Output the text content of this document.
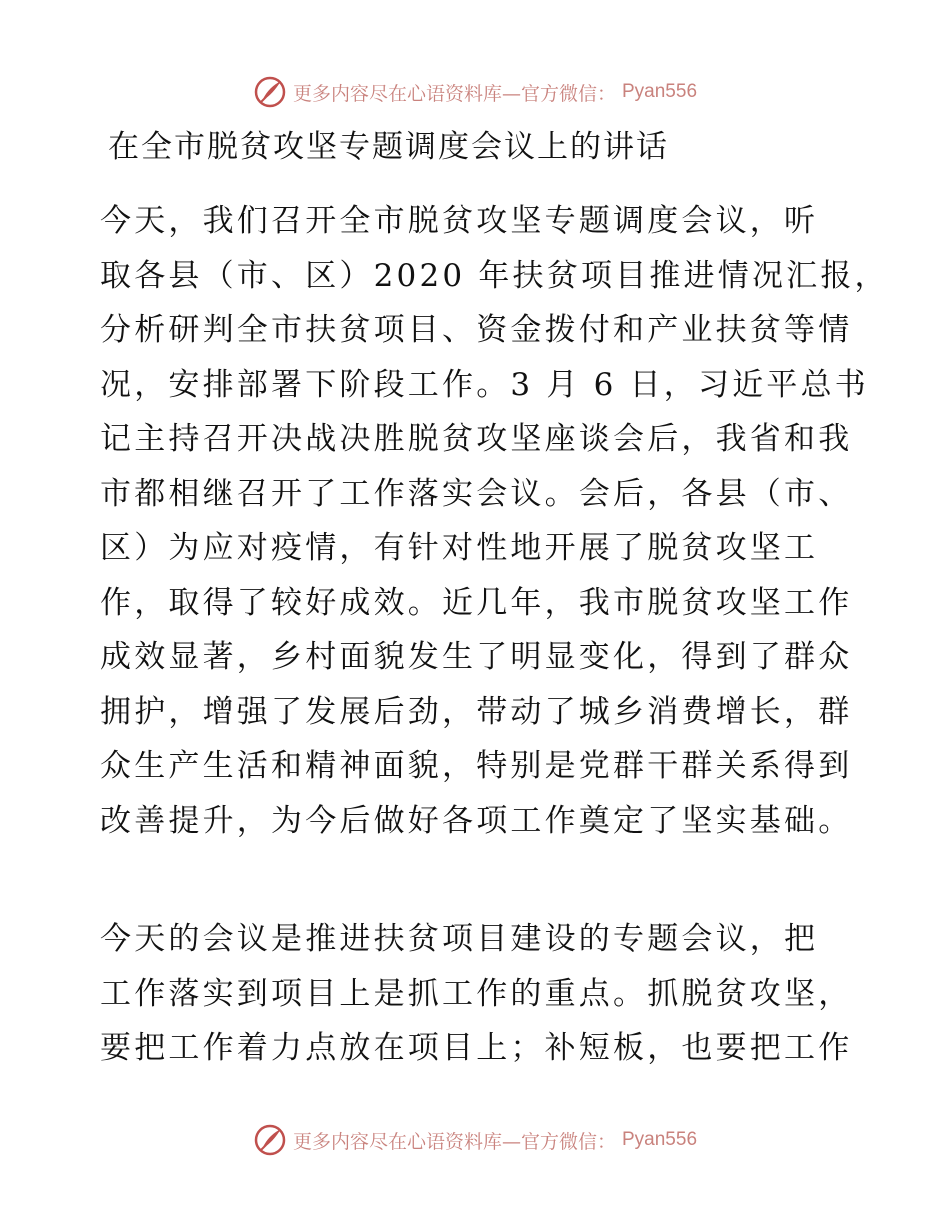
更多内容尽在心语资料库—官方微信： Pyan556
在全市脱贫攻坚专题调度会议上的讲话
今天，我们召开全市脱贫攻坚专题调度会议，听
取各县（市、区）2020 年扶贫项目推进情况汇报，
分析研判全市扶贫项目、资金拨付和产业扶贫等情
况，安排部署下阶段工作。3 月 6 日，习近平总书
记主持召开决战决胜脱贫攻坚座谈会后，我省和我
市都相继召开了工作落实会议。会后，各县（市、
区）为应对疫情，有针对性地开展了脱贫攻坚工
作，取得了较好成效。近几年，我市脱贫攻坚工作
成效显著，乡村面貌发生了明显变化，得到了群众
拥护，增强了发展后劲，带动了城乡消费增长，群
众生产生活和精神面貌，特别是党群干群关系得到
改善提升，为今后做好各项工作奠定了坚实基础。
今天的会议是推进扶贫项目建设的专题会议，把
工作落实到项目上是抓工作的重点。抓脱贫攻坚，
要把工作着力点放在项目上；补短板，也要把工作
更多内容尽在心语资料库—官方微信： Pyan556
